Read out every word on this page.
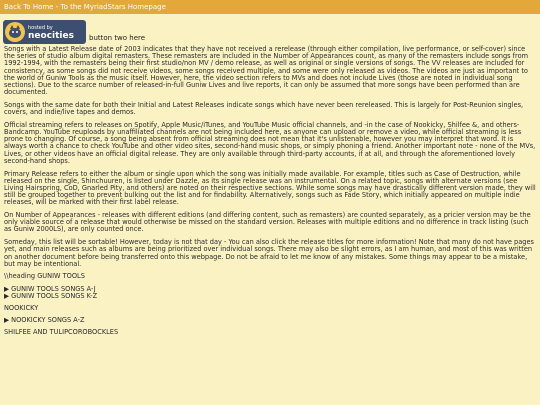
Back To Home - To the MyriadStars Homepage
hosted by
neocities button two here

Songs with a Latest Release date of 2003 indicates that they have not received a rerelease (through either compilation, live performance, or self-cover) since the series of studio album digital remasters. These remasters are included in the Number of Appearances count, as many of the remasters include songs from 1992-1994, with the remasters being their first studio/non MV / demo release, as well as original or single versions of songs. The VV releases are included for consistency, as some songs did not receive videos, some songs received multiple, and some were only released as videos. The videos are just as important to the world of Guniw Tools as the music itself. However, here, the video section refers to MVs and does not include Lives (those are noted in individual song sections). Due to the scarce number of released-in-full Guniw Lives and live reports, it can only be assumed that more songs have been performed than are documented.

Songs with the same date for both their Initial and Latest Releases indicate songs which have never been rereleased. This is largely for Post-Reunion singles, covers, and indie/live tapes and demos.

Official streaming refers to releases on Spotify, Apple Music/iTunes, and YouTube Music official channels, and -in the case of Nookicky, Shilfee &, and others- Bandcamp. YouTube reuploads by unaffiliated channels are not being included here, as anyone can upload or remove a video, while official streaming is less prone to changing. Of course, a song being absent from official streaming does not mean that it's unlistenable, however you may interpret that word. It is always worth a chance to check YouTube and other video sites, second-hand music shops, or simply phoning a friend. Another important note - none of the MVs, Lives, or other videos have an official digital release. They are only available through third-party accounts, if at all, and through the aforementioned lovely second-hand shops.

Primary Release refers to either the album or single upon which the song was initially made available. For example, titles such as Case of Destruction, while released on the single, Shinchuuren, is listed under Dazzle, as its single release was an instrumental. On a related topic, songs with alternate versions (see Living Hairspring, CoD, Gnarled Pity, and others) are noted on their respective sections. While some songs may have drastically different version made, they will still be grouped together to prevent bulking out the list and for findability. Alternatively, songs such as Fade Story, which initially appeared on multiple indie releases, will be marked with their first label release.

On Number of Appearances - releases with different editions (and differing content, such as remasters) are counted separately, as a pricier version may be the only viable source of a release that would otherwise be missed on the standard version. Releases with multiple editions and no difference in track listing (such as Guniw 2000LS), are only counted once.

Someday, this list will be sortable! However, today is not that day - You can also click the release titles for more information! Note that many do not have pages yet, and main releases such as albums are being prioritized over individual songs. There may also be slight errors, as I am human, and most of this was written on another document before being transferred onto this webpage. Do not be afraid to let me know of any mistakes. Some things may appear to be a mistake, but may be intentional.

\\heading GUNIW TOOLS

▶ GUNIW TOOLS SONGS A-J
▶ GUNIW TOOLS SONGS K-Z

NOOKICKY

▶ NOOKICKY SONGS A-Z

SHILFEE AND TULIPCOROBOCKLES
